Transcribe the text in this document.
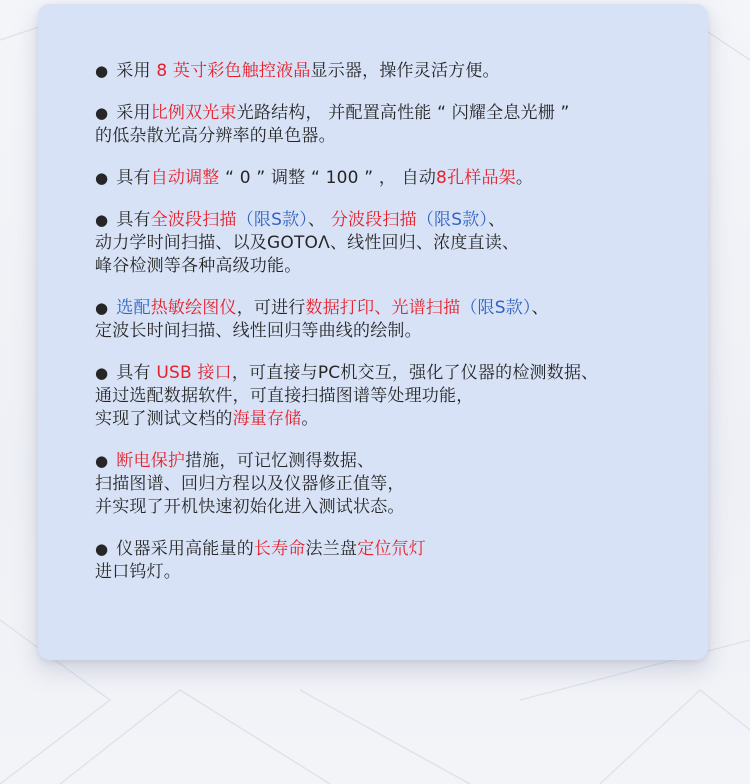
● 采用 8 英寸彩色触控液晶显示器，操作灵活方便。
● 采用比例双光束光路结构， 并配置高性能 “ 闪耀全息光栅 ”
的低杂散光高分辨率的单色器。
● 具有自动调整 “ 0 ” 调整 “ 100 ” ， 自动8孔样品架。
● 具有全波段扫描（限S款）、 分波段扫描（限S款）、
动力学时间扫描、以及GOTOΛ、线性回归、浓度直读、
峰谷检测等各种高级功能。
● 选配热敏绘图仪，可进行数据打印、光谱扫描（限S款）、
定波长时间扫描、线性回归等曲线的绘制。
● 具有 USB 接口，可直接与PC机交互，强化了仪器的检测数据、
通过选配数据软件，可直接扫描图谱等处理功能，
实现了测试文档的海量存储。
● 断电保护措施，可记忆测得数据、
扫描图谱、回归方程以及仪器修正值等，
并实现了开机快速初始化进入测试状态。
● 仪器采用高能量的长寿命法兰盘定位氘灯
进口钨灯。
